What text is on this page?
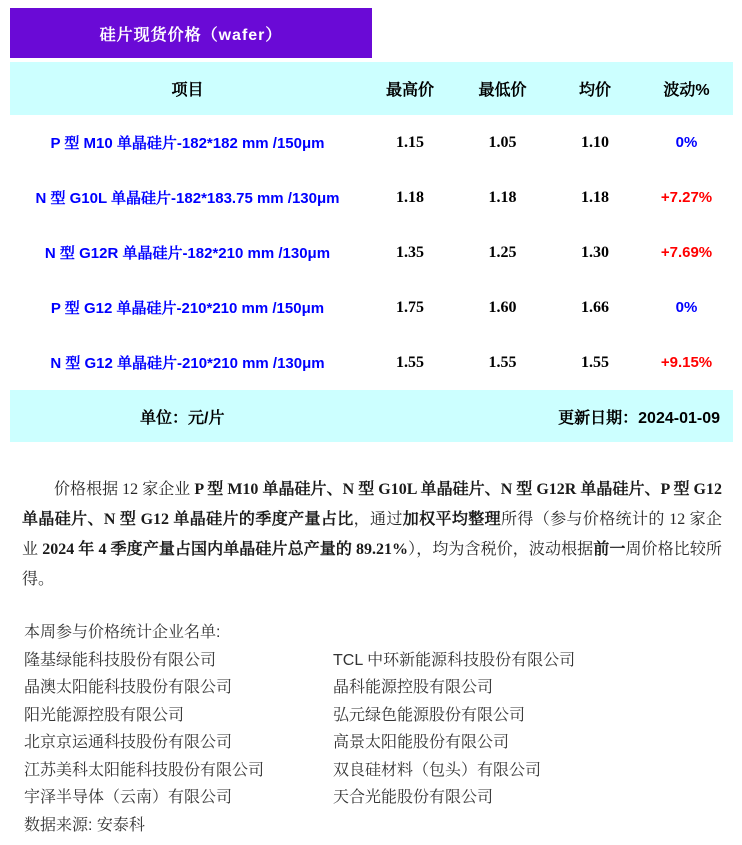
硅片现货价格（wafer）
项目	最高价	最低价	均价	波动%
P 型 M10 单晶硅片-182*182 mm /150μm	1.15	1.05	1.10	0%
N 型 G10L 单晶硅片-182*183.75 mm /130μm	1.18	1.18	1.18	+7.27%
N 型 G12R 单晶硅片-182*210 mm /130μm	1.35	1.25	1.30	+7.69%
P 型 G12 单晶硅片-210*210 mm /150μm	1.75	1.60	1.66	0%
N 型 G12 单晶硅片-210*210 mm /130μm	1.55	1.55	1.55	+9.15%
单位：元/片	更新日期：2024-01-09

价格根据 12 家企业 P 型 M10 单晶硅片、N 型 G10L 单晶硅片、N 型 G12R 单晶硅片、P 型 G12 单晶硅片、N 型 G12 单晶硅片的季度产量占比，通过加权平均整理所得（参与价格统计的 12 家企业 2024 年 4 季度产量占国内单晶硅片总产量的 89.21%），均为含税价，波动根据前一周价格比较所得。

本周参与价格统计企业名单:
隆基绿能科技股份有限公司	TCL 中环新能源科技股份有限公司
晶澳太阳能科技股份有限公司	晶科能源控股有限公司
阳光能源控股有限公司	弘元绿色能源股份有限公司
北京京运通科技股份有限公司	高景太阳能股份有限公司
江苏美科太阳能科技股份有限公司	双良硅材料（包头）有限公司
宇泽半导体（云南）有限公司	天合光能股份有限公司
数据来源: 安泰科
